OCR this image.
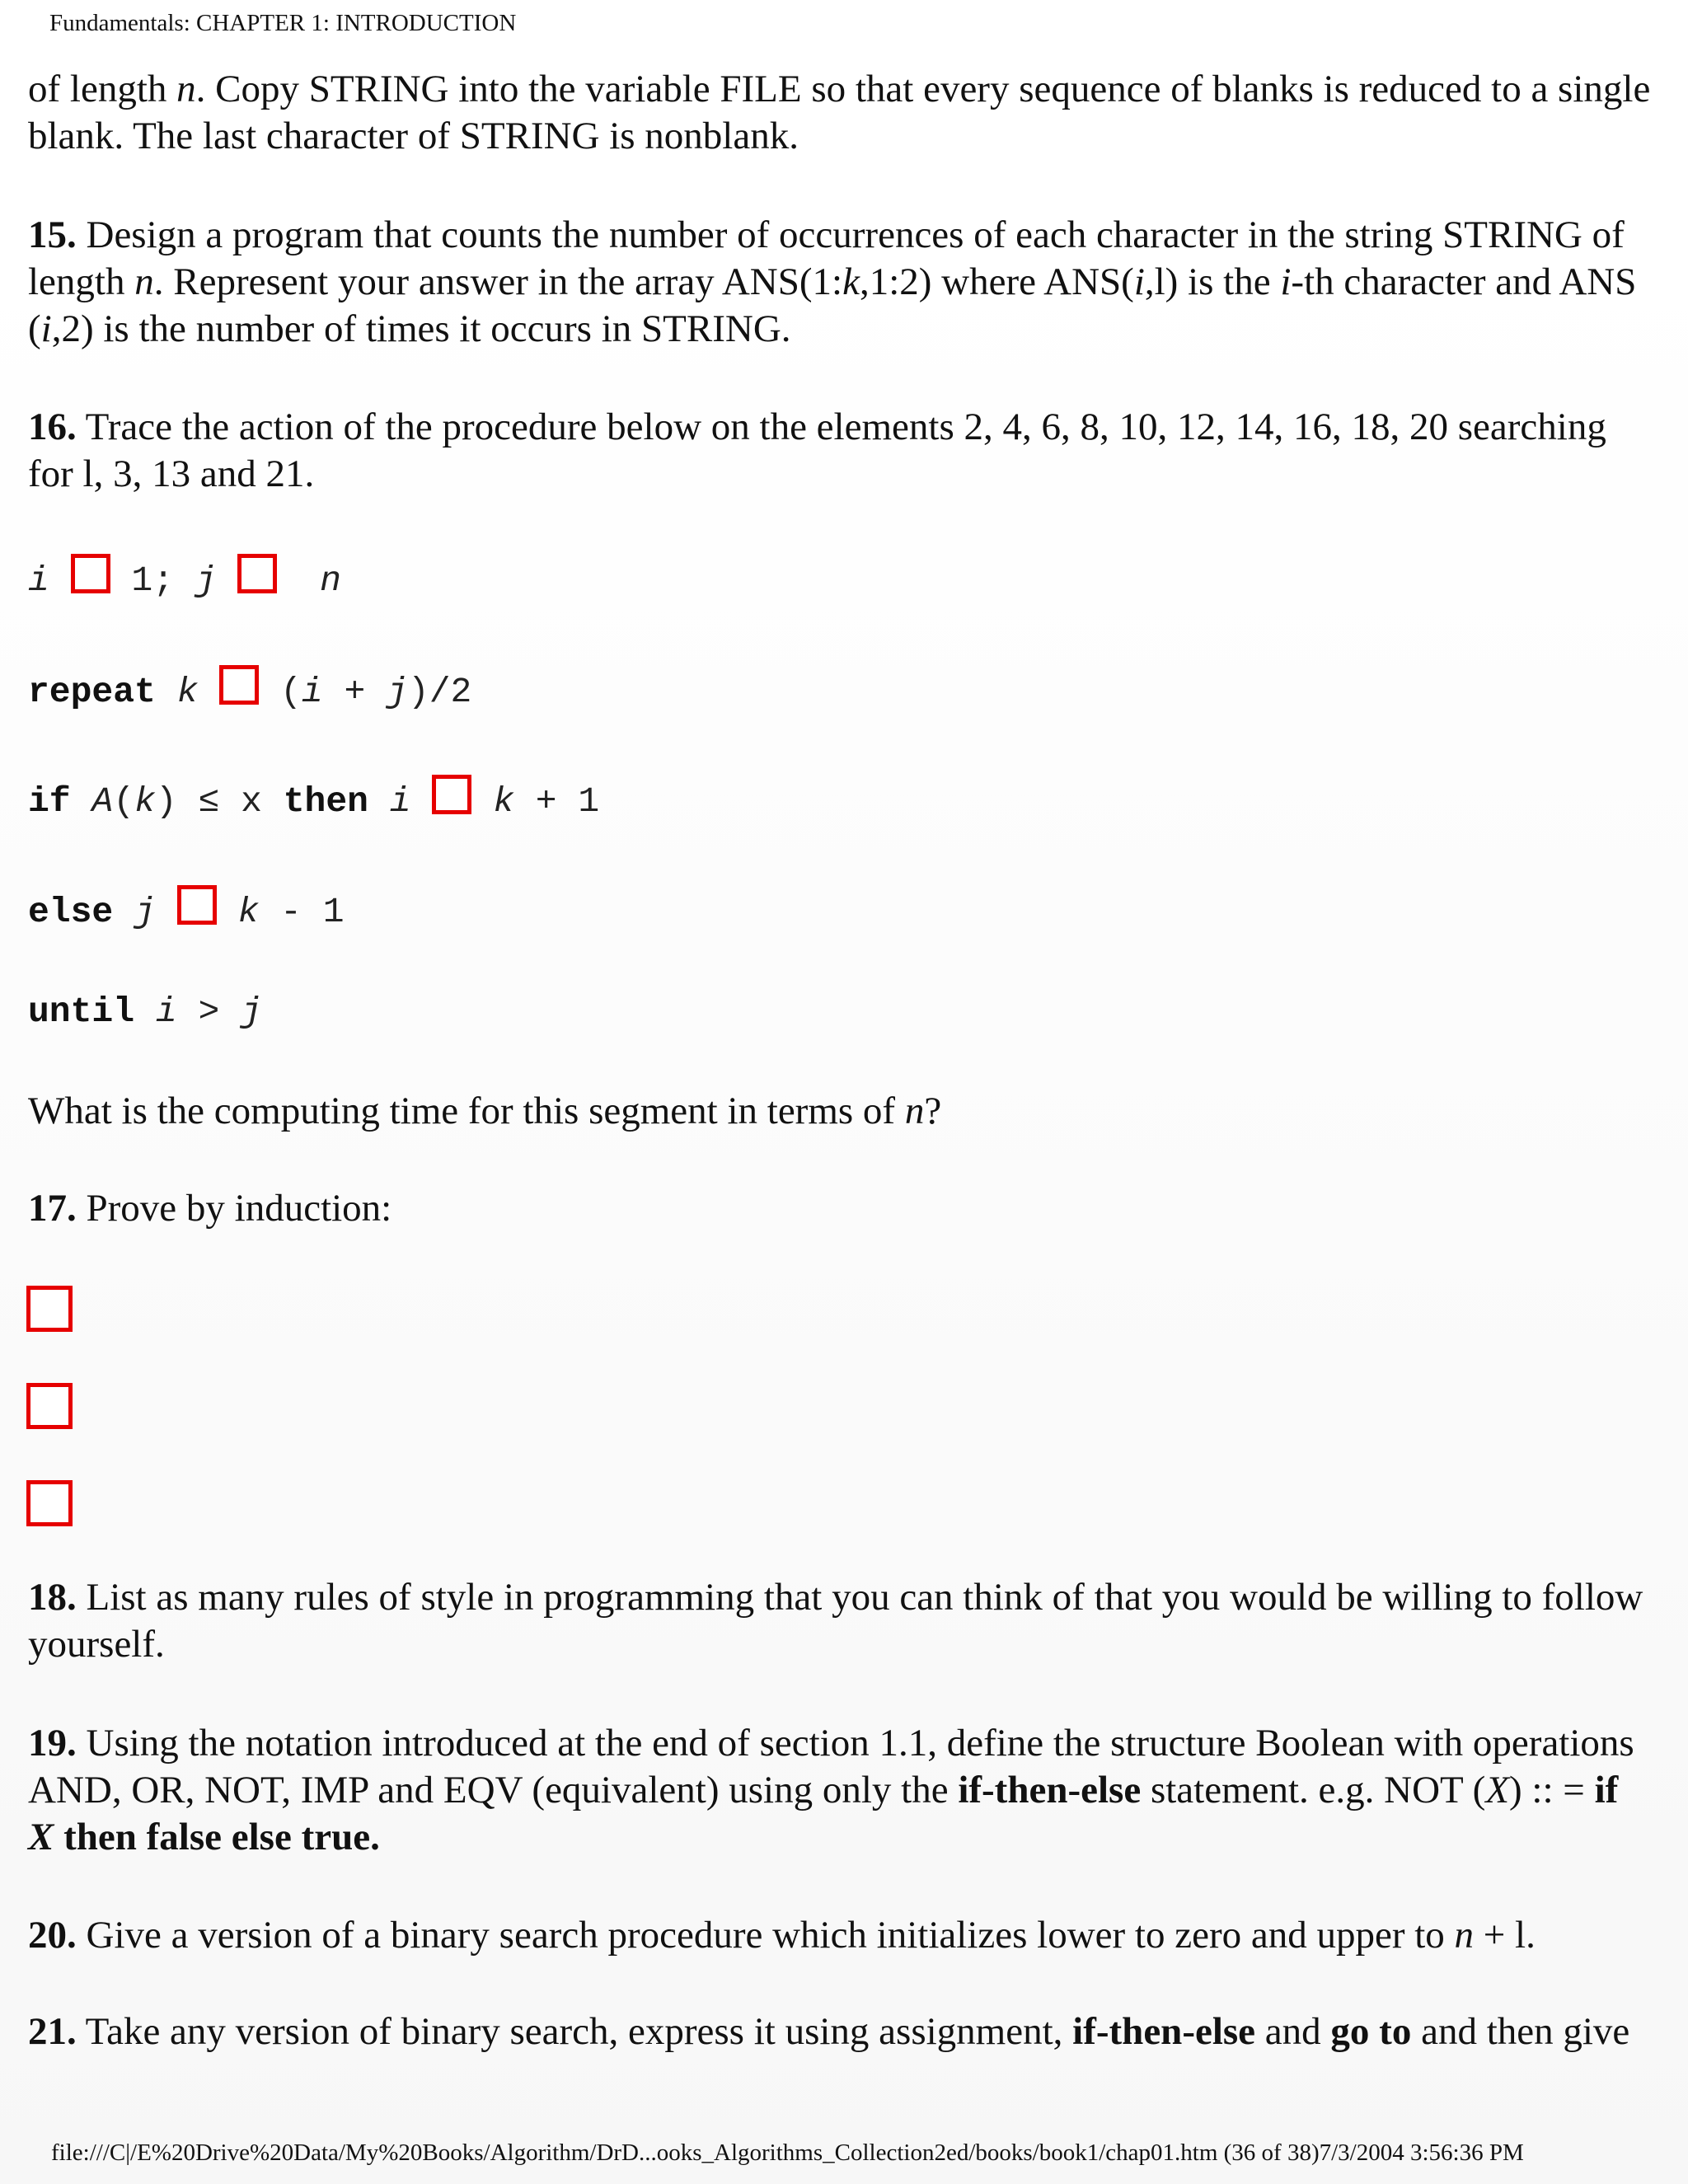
Fundamentals: CHAPTER 1: INTRODUCTION
of length n. Copy STRING into the variable FILE so that every sequence of blanks is reduced to a single
blank. The last character of STRING is nonblank.
15. Design a program that counts the number of occurrences of each character in the string STRING of
length n. Represent your answer in the array ANS(1:k,1:2) where ANS(i,l) is the i-th character and ANS
(i,2) is the number of times it occurs in STRING.
16. Trace the action of the procedure below on the elements 2, 4, 6, 8, 10, 12, 14, 16, 18, 20 searching
for l, 3, 13 and 21.
i  1; j	n
repeat k  (i + j)/2
if A(k) ≤ x then i k + 1
else j k - 1
until i > j
What is the computing time for this segment in terms of n?
17. Prove by induction:
18. List as many rules of style in programming that you can think of that you would be willing to follow
yourself.
19. Using the notation introduced at the end of section 1.1, define the structure Boolean with operations
AND, OR, NOT, IMP and EQV (equivalent) using only the if-then-else statement. e.g. NOT (X) :: = if
X then false else true.
20. Give a version of a binary search procedure which initializes lower to zero and upper to n + l.
21. Take any version of binary search, express it using assignment, if-then-else and go to and then give
file:///C|/E%20Drive%20Data/My%20Books/Algorithm/DrD...ooks_Algorithms_Collection2ed/books/book1/chap01.htm (36 of 38)7/3/2004 3:56:36 PM
